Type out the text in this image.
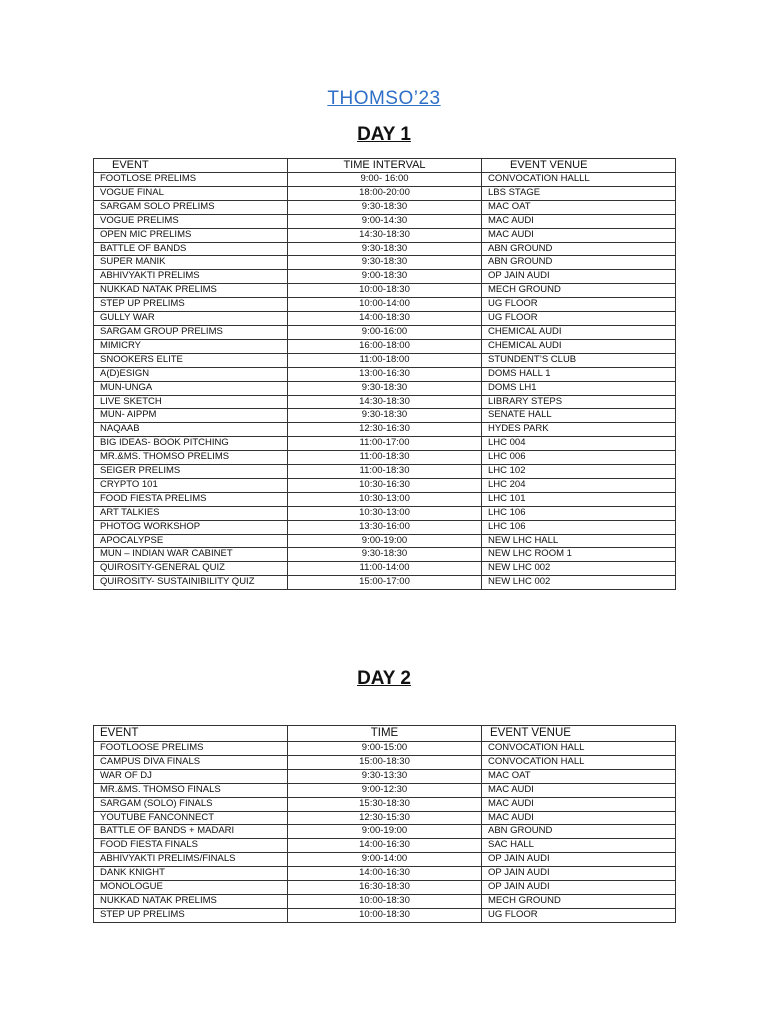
THOMSO’23
DAY 1
EVENT	TIME INTERVAL	EVENT VENUE
FOOTLOSE PRELIMS	9:00- 16:00	CONVOCATION HALLL
VOGUE FINAL	18:00-20:00	LBS STAGE
SARGAM SOLO PRELIMS	9:30-18:30	MAC OAT
VOGUE PRELIMS	9:00-14:30	MAC AUDI
OPEN MIC PRELIMS	14:30-18:30	MAC AUDI
BATTLE OF BANDS	9:30-18:30	ABN GROUND
SUPER MANIK	9:30-18:30	ABN GROUND
ABHIVYAKTI PRELIMS	9:00-18:30	OP JAIN AUDI
NUKKAD NATAK PRELIMS	10:00-18:30	MECH GROUND
STEP UP PRELIMS	10:00-14:00	UG FLOOR
GULLY WAR	14:00-18:30	UG FLOOR
SARGAM GROUP PRELIMS	9:00-16:00	CHEMICAL AUDI
MIMICRY	16:00-18:00	CHEMICAL AUDI
SNOOKERS ELITE	11:00-18:00	STUNDENT’S CLUB
A(D)ESIGN	13:00-16:30	DOMS HALL 1
MUN-UNGA	9:30-18:30	DOMS LH1
LIVE SKETCH	14:30-18:30	LIBRARY STEPS
MUN- AIPPM	9:30-18:30	SENATE HALL
NAQAAB	12:30-16:30	HYDES PARK
BIG IDEAS- BOOK PITCHING	11:00-17:00	LHC 004
MR.&MS. THOMSO PRELIMS	11:00-18:30	LHC 006
SEIGER PRELIMS	11:00-18:30	LHC 102
CRYPTO 101	10:30-16:30	LHC 204
FOOD FIESTA PRELIMS	10:30-13:00	LHC 101
ART TALKIES	10:30-13:00	LHC 106
PHOTOG WORKSHOP	13:30-16:00	LHC 106
APOCALYPSE	9:00-19:00	NEW LHC HALL
MUN – INDIAN WAR CABINET	9:30-18:30	NEW LHC ROOM 1
QUIROSITY-GENERAL QUIZ	11:00-14:00	NEW LHC 002
QUIROSITY- SUSTAINIBILITY QUIZ	15:00-17:00	NEW LHC 002
DAY 2
EVENT	TIME	EVENT VENUE
FOOTLOOSE PRELIMS	9:00-15:00	CONVOCATION HALL
CAMPUS DIVA FINALS	15:00-18:30	CONVOCATION HALL
WAR OF DJ	9:30-13:30	MAC OAT
MR.&MS. THOMSO FINALS	9:00-12:30	MAC AUDI
SARGAM (SOLO) FINALS	15:30-18:30	MAC AUDI
YOUTUBE FANCONNECT	12:30-15:30	MAC AUDI
BATTLE OF BANDS + MADARI	9:00-19:00	ABN GROUND
FOOD FIESTA FINALS	14:00-16:30	SAC HALL
ABHIVYAKTI PRELIMS/FINALS	9:00-14:00	OP JAIN AUDI
DANK KNIGHT	14:00-16:30	OP JAIN AUDI
MONOLOGUE	16:30-18:30	OP JAIN AUDI
NUKKAD NATAK PRELIMS	10:00-18:30	MECH GROUND
STEP UP PRELIMS	10:00-18:30	UG FLOOR
